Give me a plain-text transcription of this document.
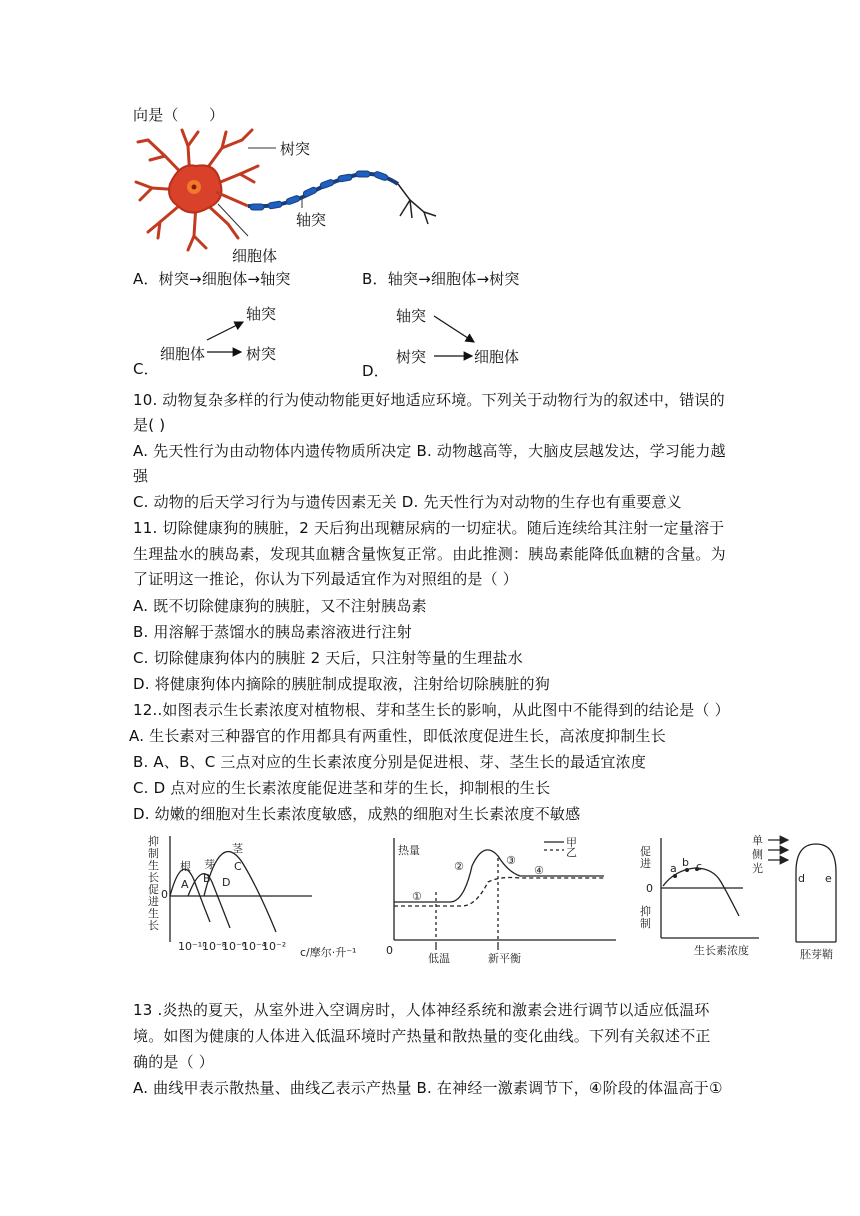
向是（　　）
树突
轴突
细胞体
A．树突→细胞体→轴突	B．轴突→细胞体→树突
C．
细胞体
轴突
树突
D．
轴突
树突	细胞体
10. 动物复杂多样的行为使动物能更好地适应环境。下列关于动物行为的叙述中，错误的
是( )
A. 先天性行为由动物体内遗传物质所决定 B. 动物越高等，大脑皮层越发达，学习能力越
强
C. 动物的后天学习行为与遗传因素无关 D. 先天性行为对动物的生存也有重要意义
11. 切除健康狗的胰脏，2 天后狗出现糖尿病的一切症状。随后连续给其注射一定量溶于
生理盐水的胰岛素，发现其血糖含量恢复正常。由此推测：胰岛素能降低血糖的含量。为
了证明这一推论，你认为下列最适宜作为对照组的是（ ）
A. 既不切除健康狗的胰脏，又不注射胰岛素
B. 用溶解于蒸馏水的胰岛素溶液进行注射
C. 切除健康狗体内的胰脏 2 天后，只注射等量的生理盐水
D. 将健康狗体内摘除的胰脏制成提取液，注射给切除胰脏的狗
12..如图表示生长素浓度对植物根、芽和茎生长的影响，从此图中不能得到的结论是（ ）
A. 生长素对三种器官的作用都具有两重性，即低浓度促进生长，高浓度抑制生长
B. A、B、C 三点对应的生长素浓度分别是促进根、芽、茎生长的最适宜浓度
C. D 点对应的生长素浓度能促进茎和芽的生长，抑制根的生长
D. 幼嫩的细胞对生长素浓度敏感，成熟的细胞对生长素浓度不敏感
抑制生长 促进生长
根 芽
茎
A B
C
D
0
10⁻¹⁰
10⁻⁸
10⁻⁶
10⁻⁴
10⁻² c/摩尔·升⁻¹
热量
甲
乙
①
②	③
④
0
低温	新平衡
促进
抑制
0
a b c
生长素浓度
单侧光
d e
胚芽鞘
13 .炎热的夏天，从室外进入空调房时，人体神经系统和激素会进行调节以适应低温环
境。如图为健康的人体进入低温环境时产热量和散热量的变化曲线。下列有关叙述不正
确的是（ ）
A. 曲线甲表示散热量、曲线乙表示产热量 B. 在神经一激素调节下，④阶段的体温高于①
